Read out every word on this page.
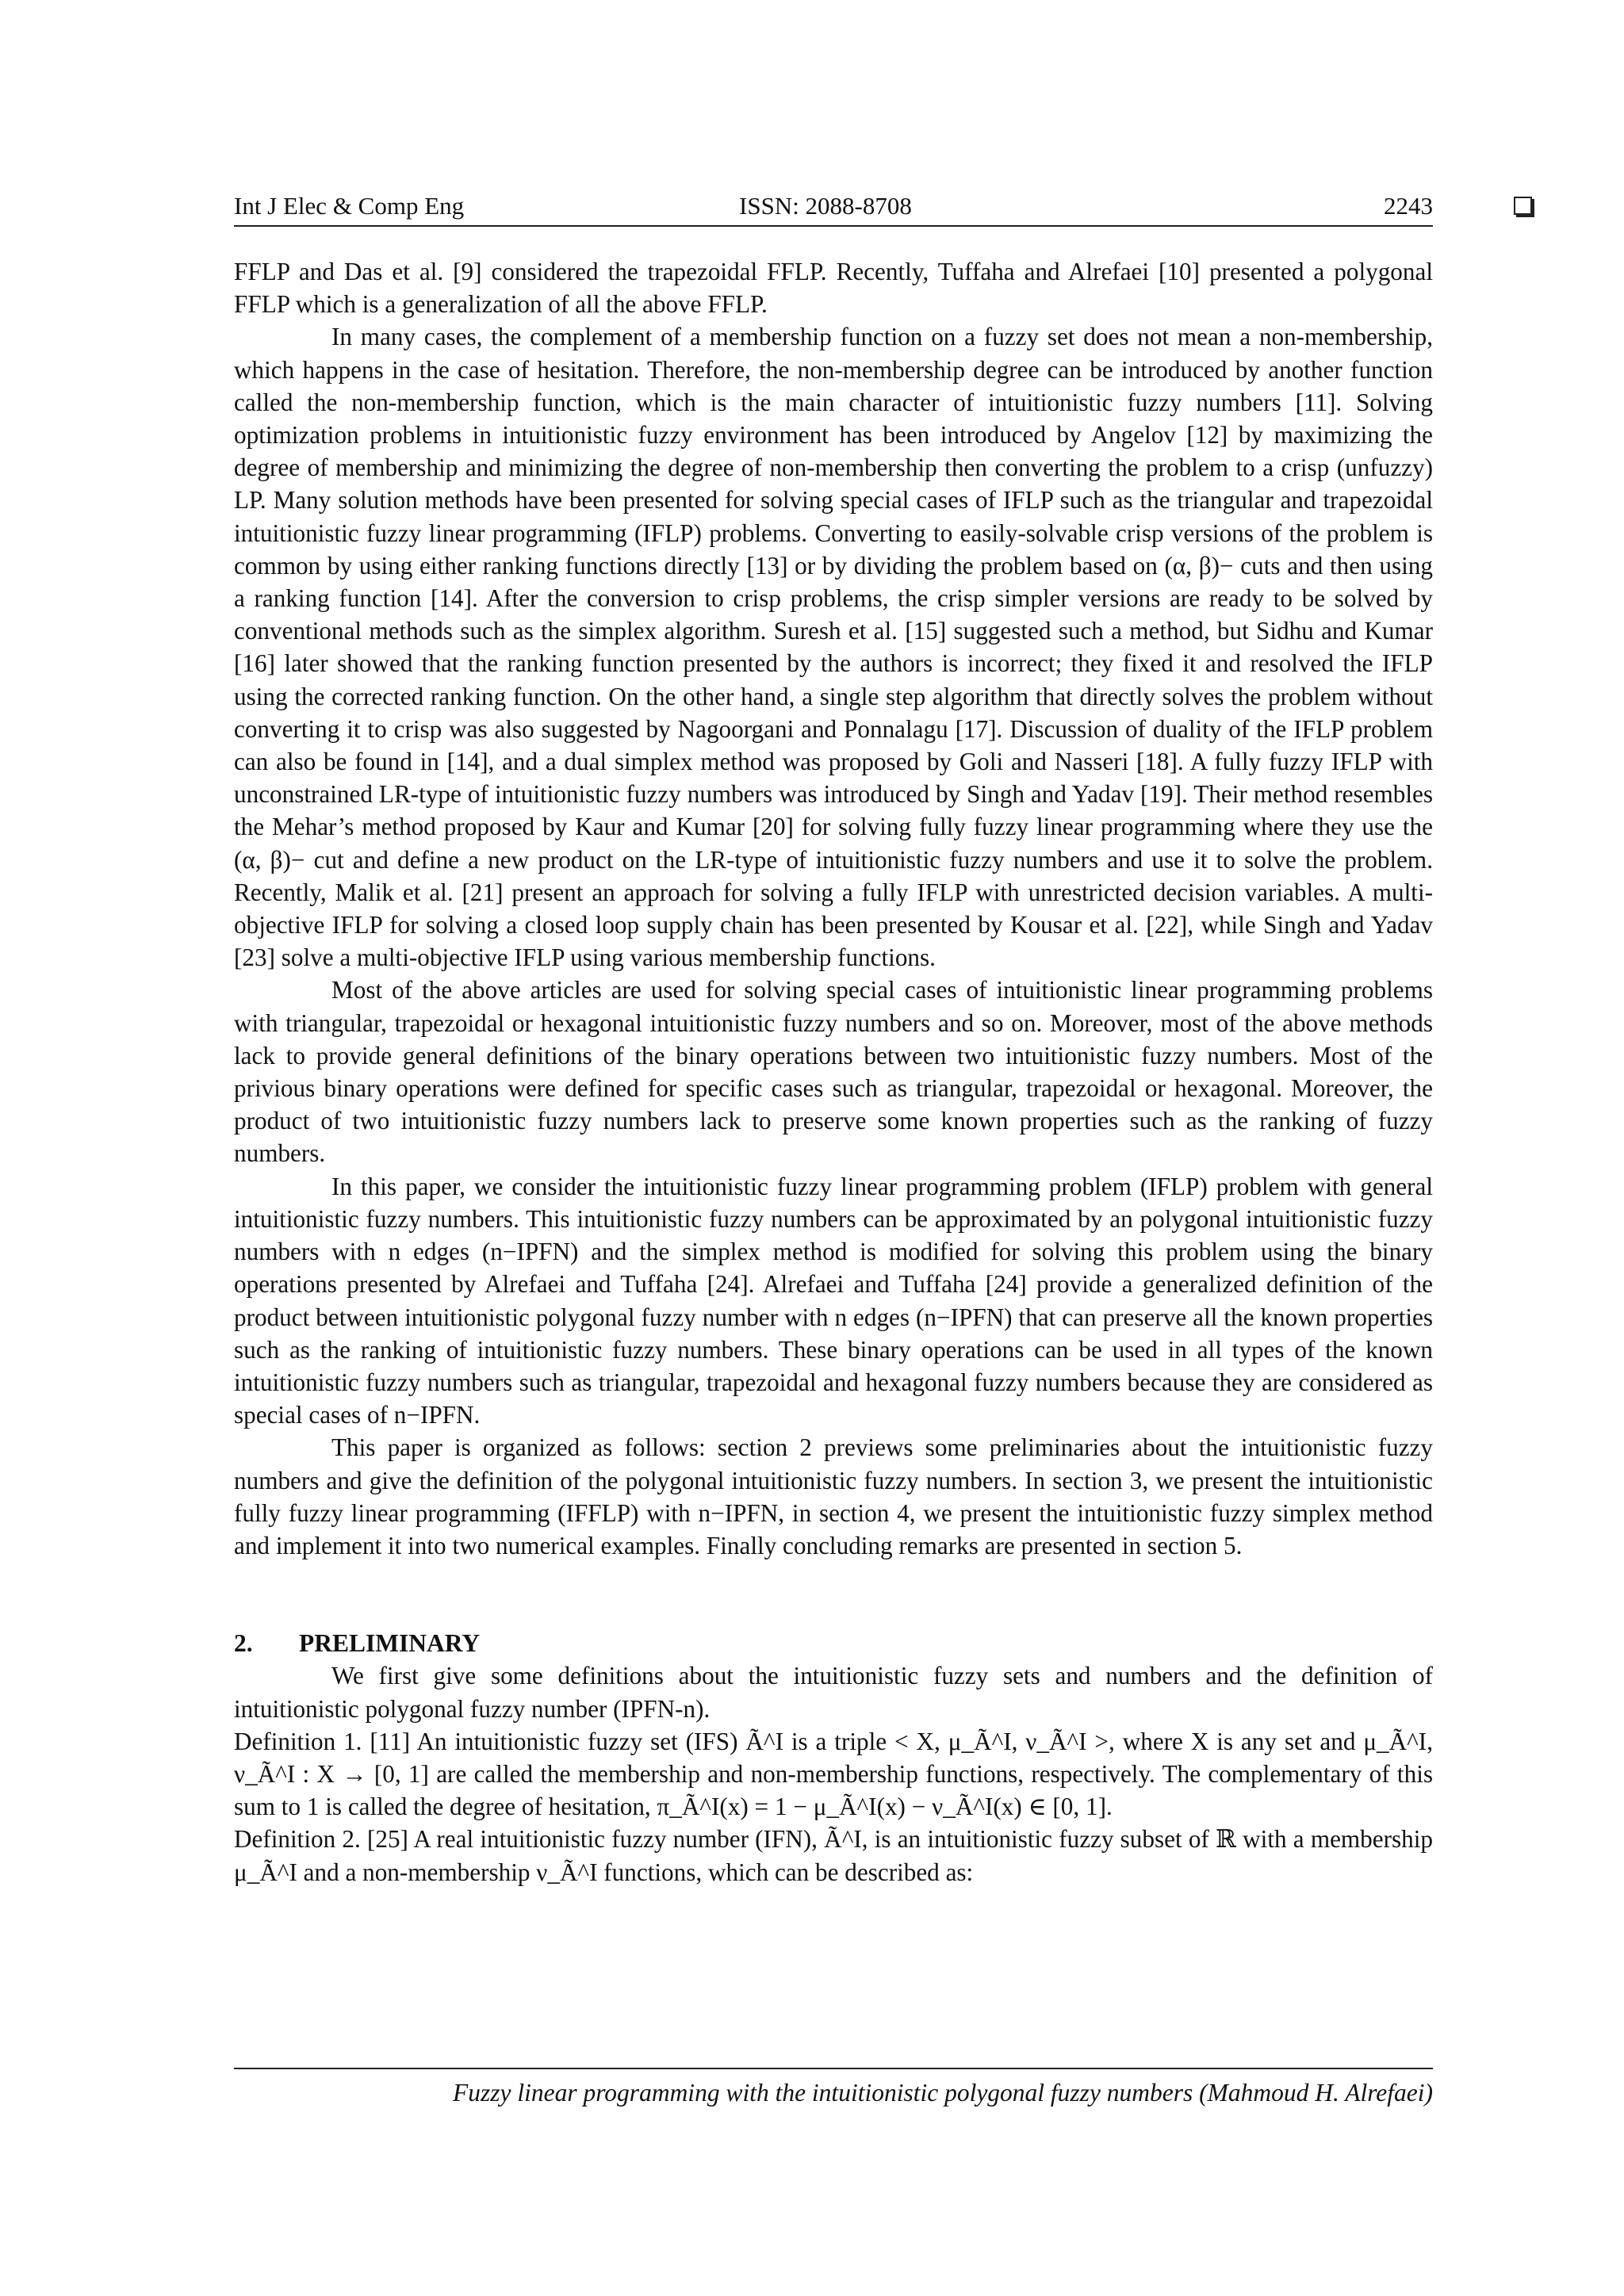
Int J Elec & Comp Eng	ISSN: 2088-8708	2243

FFLP and Das et al. [9] considered the trapezoidal FFLP. Recently, Tuffaha and Alrefaei [10] presented a polygonal FFLP which is a generalization of all the above FFLP.

In many cases, the complement of a membership function on a fuzzy set does not mean a non-membership, which happens in the case of hesitation. Therefore, the non-membership degree can be introduced by another function called the non-membership function, which is the main character of intuitionistic fuzzy numbers [11]. Solving optimization problems in intuitionistic fuzzy environment has been introduced by Angelov [12] by maximizing the degree of membership and minimizing the degree of non-membership then converting the problem to a crisp (unfuzzy) LP. Many solution methods have been presented for solving special cases of IFLP such as the triangular and trapezoidal intuitionistic fuzzy linear programming (IFLP) problems. Converting to easily-solvable crisp versions of the problem is common by using either ranking functions directly [13] or by dividing the problem based on (α, β)− cuts and then using a ranking function [14]. After the conversion to crisp problems, the crisp simpler versions are ready to be solved by conventional methods such as the simplex algorithm. Suresh et al. [15] suggested such a method, but Sidhu and Kumar [16] later showed that the ranking function presented by the authors is incorrect; they fixed it and resolved the IFLP using the corrected ranking function. On the other hand, a single step algorithm that directly solves the problem without converting it to crisp was also suggested by Nagoorgani and Ponnalagu [17]. Discussion of duality of the IFLP problem can also be found in [14], and a dual simplex method was proposed by Goli and Nasseri [18]. A fully fuzzy IFLP with unconstrained LR-type of intuitionistic fuzzy numbers was introduced by Singh and Yadav [19]. Their method resembles the Mehar’s method proposed by Kaur and Kumar [20] for solving fully fuzzy linear programming where they use the (α, β)− cut and define a new product on the LR-type of intuitionistic fuzzy numbers and use it to solve the problem. Recently, Malik et al. [21] present an approach for solving a fully IFLP with unrestricted decision variables. A multi-objective IFLP for solving a closed loop supply chain has been presented by Kousar et al. [22], while Singh and Yadav [23] solve a multi-objective IFLP using various membership functions.

Most of the above articles are used for solving special cases of intuitionistic linear programming problems with triangular, trapezoidal or hexagonal intuitionistic fuzzy numbers and so on. Moreover, most of the above methods lack to provide general definitions of the binary operations between two intuitionistic fuzzy numbers. Most of the privious binary operations were defined for specific cases such as triangular, trapezoidal or hexagonal. Moreover, the product of two intuitionistic fuzzy numbers lack to preserve some known properties such as the ranking of fuzzy numbers.

In this paper, we consider the intuitionistic fuzzy linear programming problem (IFLP) problem with general intuitionistic fuzzy numbers. This intuitionistic fuzzy numbers can be approximated by an polygonal intuitionistic fuzzy numbers with n edges (n−IPFN) and the simplex method is modified for solving this problem using the binary operations presented by Alrefaei and Tuffaha [24]. Alrefaei and Tuffaha [24] provide a generalized definition of the product between intuitionistic polygonal fuzzy number with n edges (n−IPFN) that can preserve all the known properties such as the ranking of intuitionistic fuzzy numbers. These binary operations can be used in all types of the known intuitionistic fuzzy numbers such as triangular, trapezoidal and hexagonal fuzzy numbers because they are considered as special cases of n−IPFN.

This paper is organized as follows: section 2 previews some preliminaries about the intuitionistic fuzzy numbers and give the definition of the polygonal intuitionistic fuzzy numbers. In section 3, we present the intuitionistic fully fuzzy linear programming (IFFLP) with n−IPFN, in section 4, we present the intuitionistic fuzzy simplex method and implement it into two numerical examples. Finally concluding remarks are presented in section 5.

2. PRELIMINARY

We first give some definitions about the intuitionistic fuzzy sets and numbers and the definition of intuitionistic polygonal fuzzy number (IPFN-n).

Definition 1. [11] An intuitionistic fuzzy set (IFS) Ã^I is a triple < X, μ_Ã^I, ν_Ã^I >, where X is any set and μ_Ã^I, ν_Ã^I : X → [0, 1] are called the membership and non-membership functions, respectively. The complementary of this sum to 1 is called the degree of hesitation, π_Ã^I(x) = 1 − μ_Ã^I(x) − ν_Ã^I(x) ∈ [0, 1].

Definition 2. [25] A real intuitionistic fuzzy number (IFN), Ã^I, is an intuitionistic fuzzy subset of ℝ with a membership μ_Ã^I and a non-membership ν_Ã^I functions, which can be described as:

Fuzzy linear programming with the intuitionistic polygonal fuzzy numbers (Mahmoud H. Alrefaei)
